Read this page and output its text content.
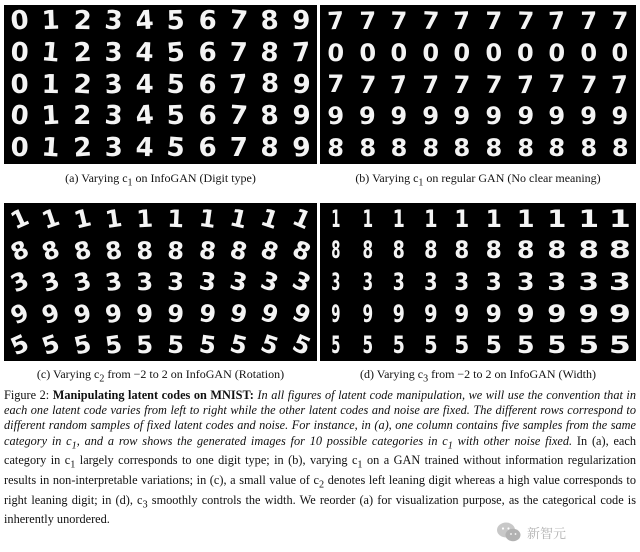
0 1 2 3 4 5 6 7 8 9
0 1 2 3 4 5 6 7 8 7
0 1 2 3 4 5 6 7 8 9
0 1 2 3 4 5 6 7 8 9
0 1 2 3 4 5 6 7 8 9
7 7 7 7 7 7 7 7 7 7
0 0 0 0 0 0 0 0 0 0
7 7 7 7 7 7 7 7 7 7
9 9 9 9 9 9 9 9 9 9
8 8 8 8 8 8 8 8 8 8
(a) Varying $c_1$ on InfoGAN (Digit type)	(b) Varying $c_1$ on regular GAN (No clear meaning)
1 1 1 1 1 1 1 1 1 1
8 8 8 8 8 8 8 8 8 8
3 3 3 3 3 3 3 3 3 3
9 9 9 9 9 9 9 9 9 9
5 5 5 5 5 5 5 5 5 5
1 1 1 1 1 1 1 1 1 1
8 8 8 8 8 8 8 8 8 8
3 3 3 3 3 3 3 3 3 3
9 9 9 9 9 9 9 9 9 9
5 5 5 5 5 5 5 5 5 5
(c) Varying $c_2$ from −2 to 2 on InfoGAN (Rotation)	(d) Varying $c_3$ from −2 to 2 on InfoGAN (Width)
Figure 2: Manipulating latent codes on MNIST: In all figures of latent code manipulation, we will use the convention that in each one latent code varies from left to right while the other latent codes and noise are fixed. The different rows correspond to different random samples of fixed latent codes and noise. For instance, in (a), one column contains five samples from the same category in $c_1$, and a row shows the generated images for 10 possible categories in $c_1$ with other noise fixed. In (a), each category in $c_1$ largely corresponds to one digit type; in (b), varying $c_1$ on a GAN trained without information regularization results in non-interpretable variations; in (c), a small value of $c_2$ denotes left leaning digit whereas a high value corresponds to right leaning digit; in (d), $c_3$ smoothly controls the width. We reorder (a) for visualization purpose, as the categorical code is inherently unordered.
新智元
